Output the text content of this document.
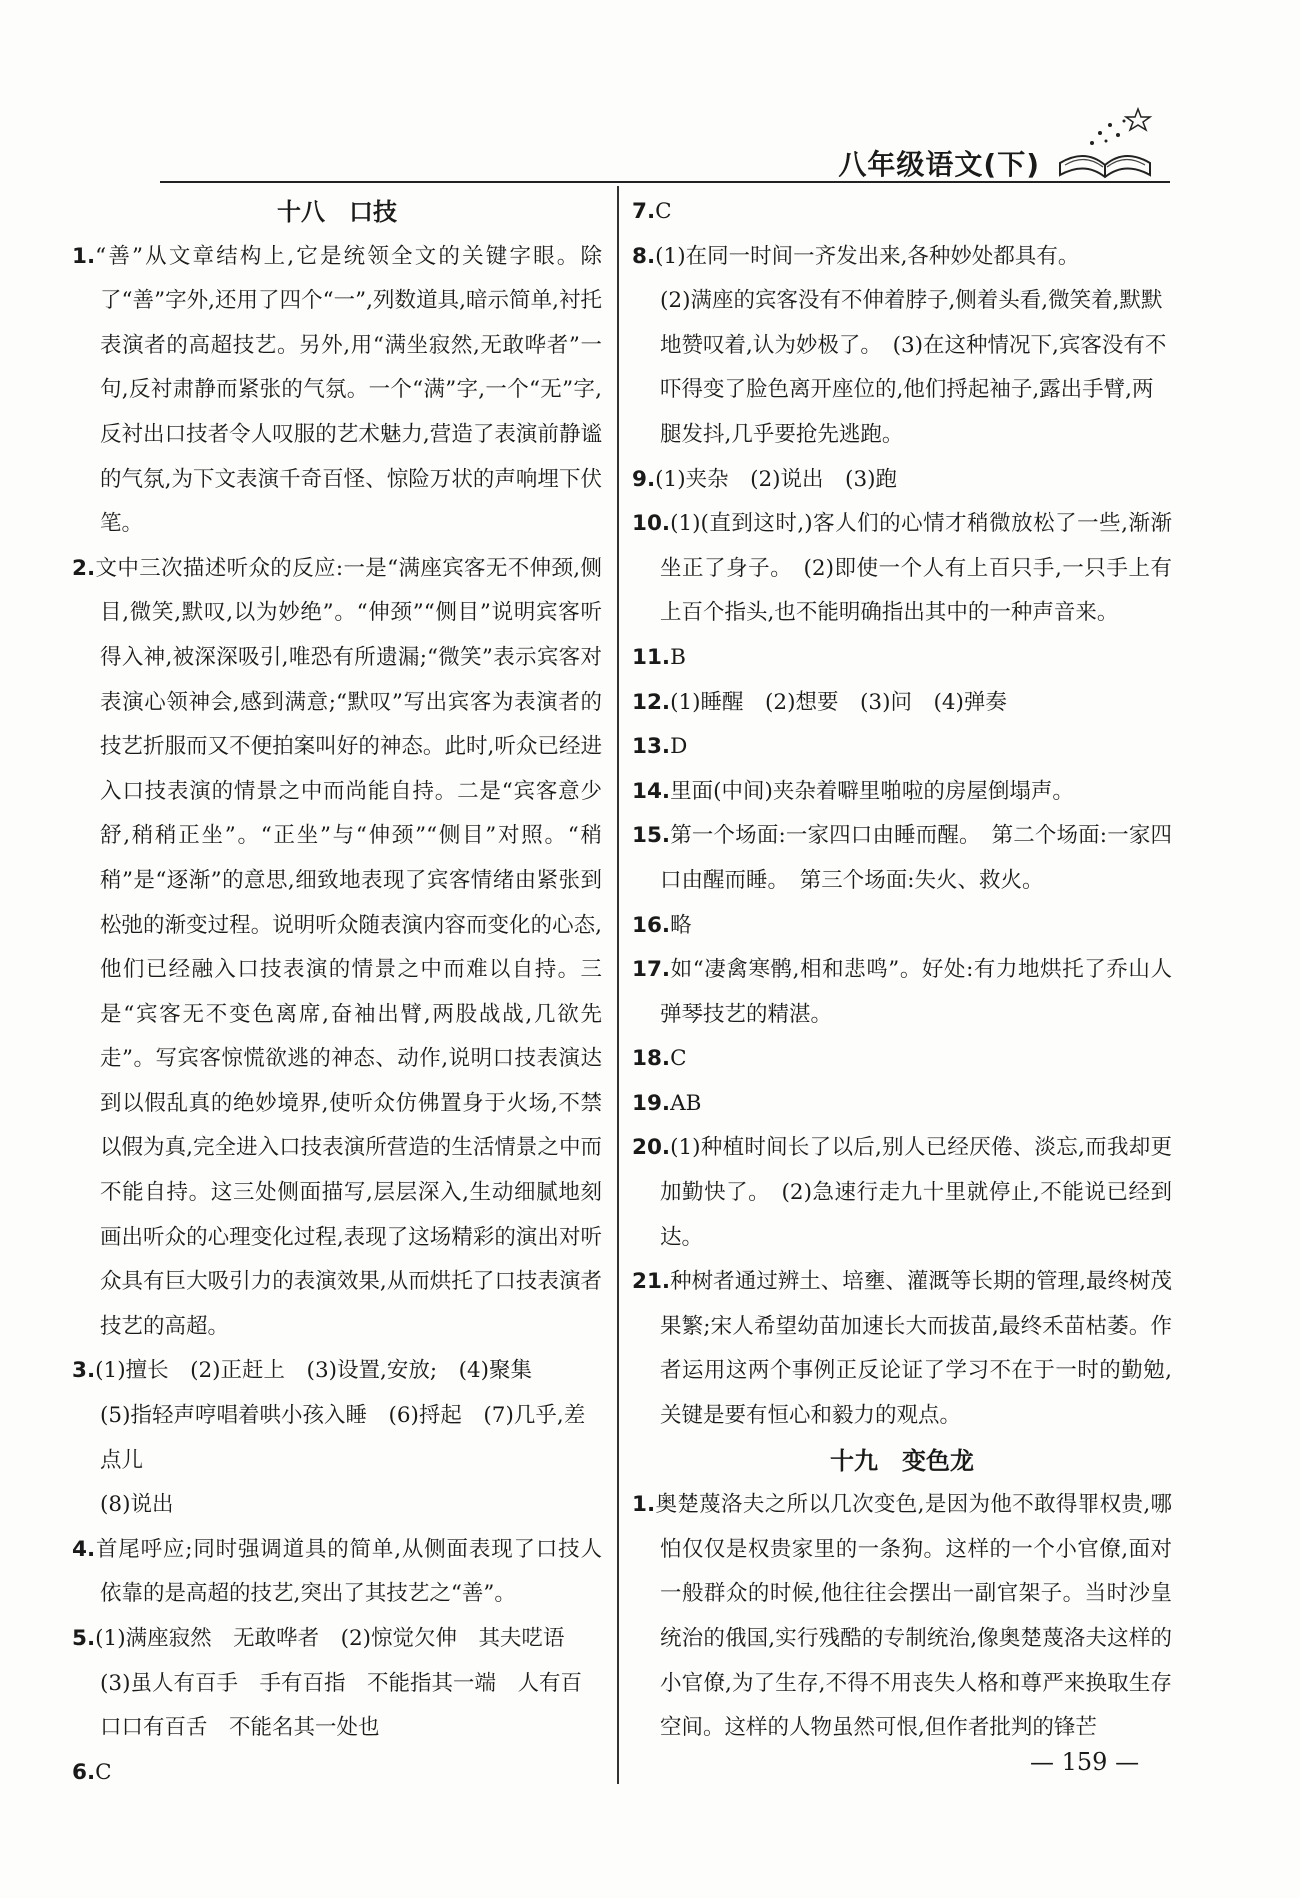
八年级语文(下)
十八　口技
1.“善”从文章结构上,它是统领全文的关键字眼。除了“善”字外,还用了四个“一”,列数道具,暗示简单,衬托表演者的高超技艺。另外,用“满坐寂然,无敢哗者”一句,反衬肃静而紧张的气氛。一个“满”字,一个“无”字,反衬出口技者令人叹服的艺术魅力,营造了表演前静谧的气氛,为下文表演千奇百怪、惊险万状的声响埋下伏笔。
2.文中三次描述听众的反应:一是“满座宾客无不伸颈,侧目,微笑,默叹,以为妙绝”。“伸颈”“侧目”说明宾客听得入神,被深深吸引,唯恐有所遗漏;“微笑”表示宾客对表演心领神会,感到满意;“默叹”写出宾客为表演者的技艺折服而又不便拍案叫好的神态。此时,听众已经进入口技表演的情景之中而尚能自持。二是“宾客意少舒,稍稍正坐”。“正坐”与“伸颈”“侧目”对照。“稍稍”是“逐渐”的意思,细致地表现了宾客情绪由紧张到松弛的渐变过程。说明听众随表演内容而变化的心态,他们已经融入口技表演的情景之中而难以自持。三是“宾客无不变色离席,奋袖出臂,两股战战,几欲先走”。写宾客惊慌欲逃的神态、动作,说明口技表演达到以假乱真的绝妙境界,使听众仿佛置身于火场,不禁以假为真,完全进入口技表演所营造的生活情景之中而不能自持。这三处侧面描写,层层深入,生动细腻地刻画出听众的心理变化过程,表现了这场精彩的演出对听众具有巨大吸引力的表演效果,从而烘托了口技表演者技艺的高超。
3.(1)擅长　(2)正赶上　(3)设置,安放;　(4)聚集
(5)指轻声哼唱着哄小孩入睡　(6)捋起　(7)几乎,差点儿
(8)说出
4.首尾呼应;同时强调道具的简单,从侧面表现了口技人依靠的是高超的技艺,突出了其技艺之“善”。
5.(1)满座寂然　无敢哗者　(2)惊觉欠伸　其夫呓语
(3)虽人有百手　手有百指　不能指其一端　人有百口口有百舌　不能名其一处也
6.C
7.C
8.(1)在同一时间一齐发出来,各种妙处都具有。
(2)满座的宾客没有不伸着脖子,侧着头看,微笑着,默默地赞叹着,认为妙极了。　(3)在这种情况下,宾客没有不吓得变了脸色离开座位的,他们捋起袖子,露出手臂,两腿发抖,几乎要抢先逃跑。
9.(1)夹杂　(2)说出　(3)跑
10.(1)(直到这时,)客人们的心情才稍微放松了一些,渐渐坐正了身子。　(2)即使一个人有上百只手,一只手上有上百个指头,也不能明确指出其中的一种声音来。
11.B
12.(1)睡醒　(2)想要　(3)问　(4)弹奏
13.D
14.里面(中间)夹杂着噼里啪啦的房屋倒塌声。
15.第一个场面:一家四口由睡而醒。　第二个场面:一家四口由醒而睡。　第三个场面:失火、救火。
16.略
17.如“凄禽寒鹘,相和悲鸣”。好处:有力地烘托了乔山人弹琴技艺的精湛。
18.C
19.AB
20.(1)种植时间长了以后,别人已经厌倦、淡忘,而我却更加勤快了。　(2)急速行走九十里就停止,不能说已经到达。
21.种树者通过辨土、培壅、灌溉等长期的管理,最终树茂果繁;宋人希望幼苗加速长大而拔苗,最终禾苗枯萎。作者运用这两个事例正反论证了学习不在于一时的勤勉,关键是要有恒心和毅力的观点。
十九　变色龙
1.奥楚蔑洛夫之所以几次变色,是因为他不敢得罪权贵,哪怕仅仅是权贵家里的一条狗。这样的一个小官僚,面对一般群众的时候,他往往会摆出一副官架子。当时沙皇统治的俄国,实行残酷的专制统治,像奥楚蔑洛夫这样的小官僚,为了生存,不得不用丧失人格和尊严来换取生存空间。这样的人物虽然可恨,但作者批判的锋芒
— 159 —
